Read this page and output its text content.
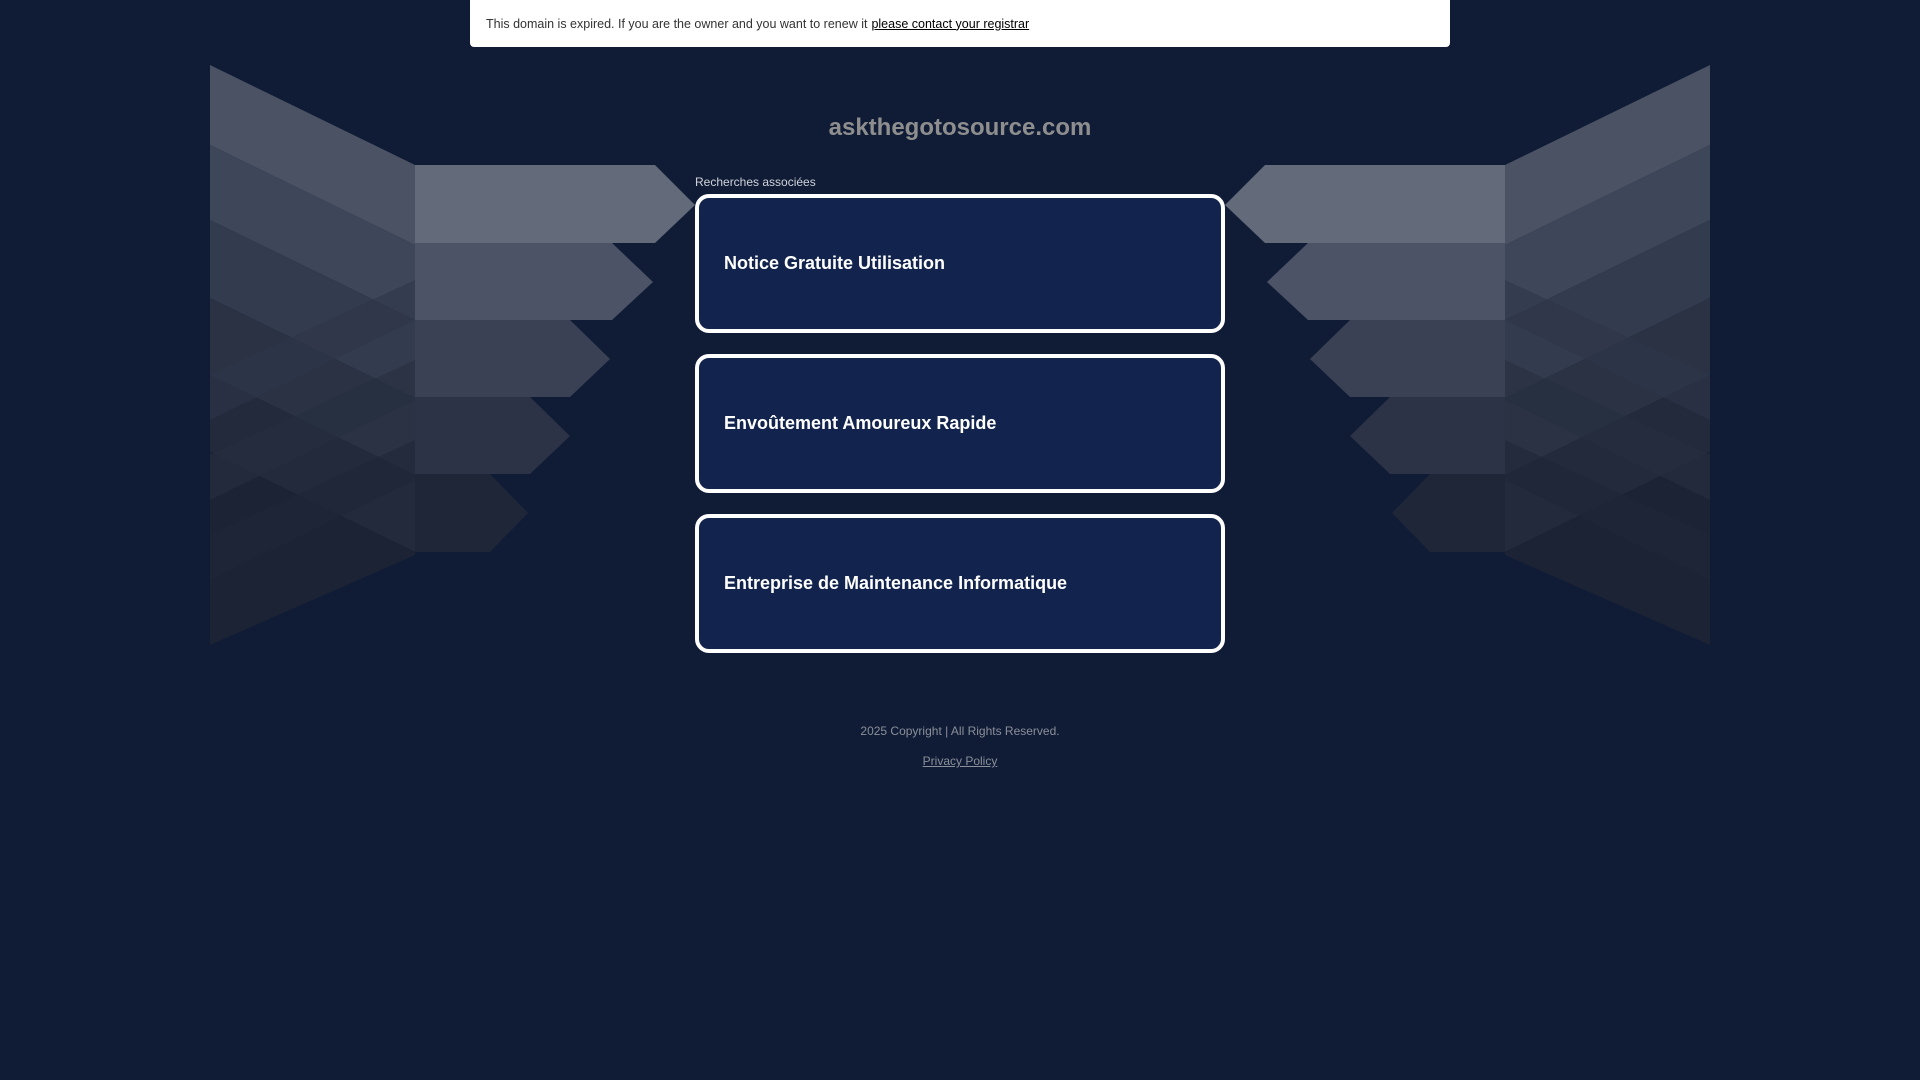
This domain is expired. If you are the owner and you want to renew it please contact your registrar
askthegotosource.com
Recherches associées
Notice Gratuite Utilisation
Envoûtement Amoureux Rapide
Entreprise de Maintenance Informatique
2025 Copyright | All Rights Reserved.
Privacy Policy
